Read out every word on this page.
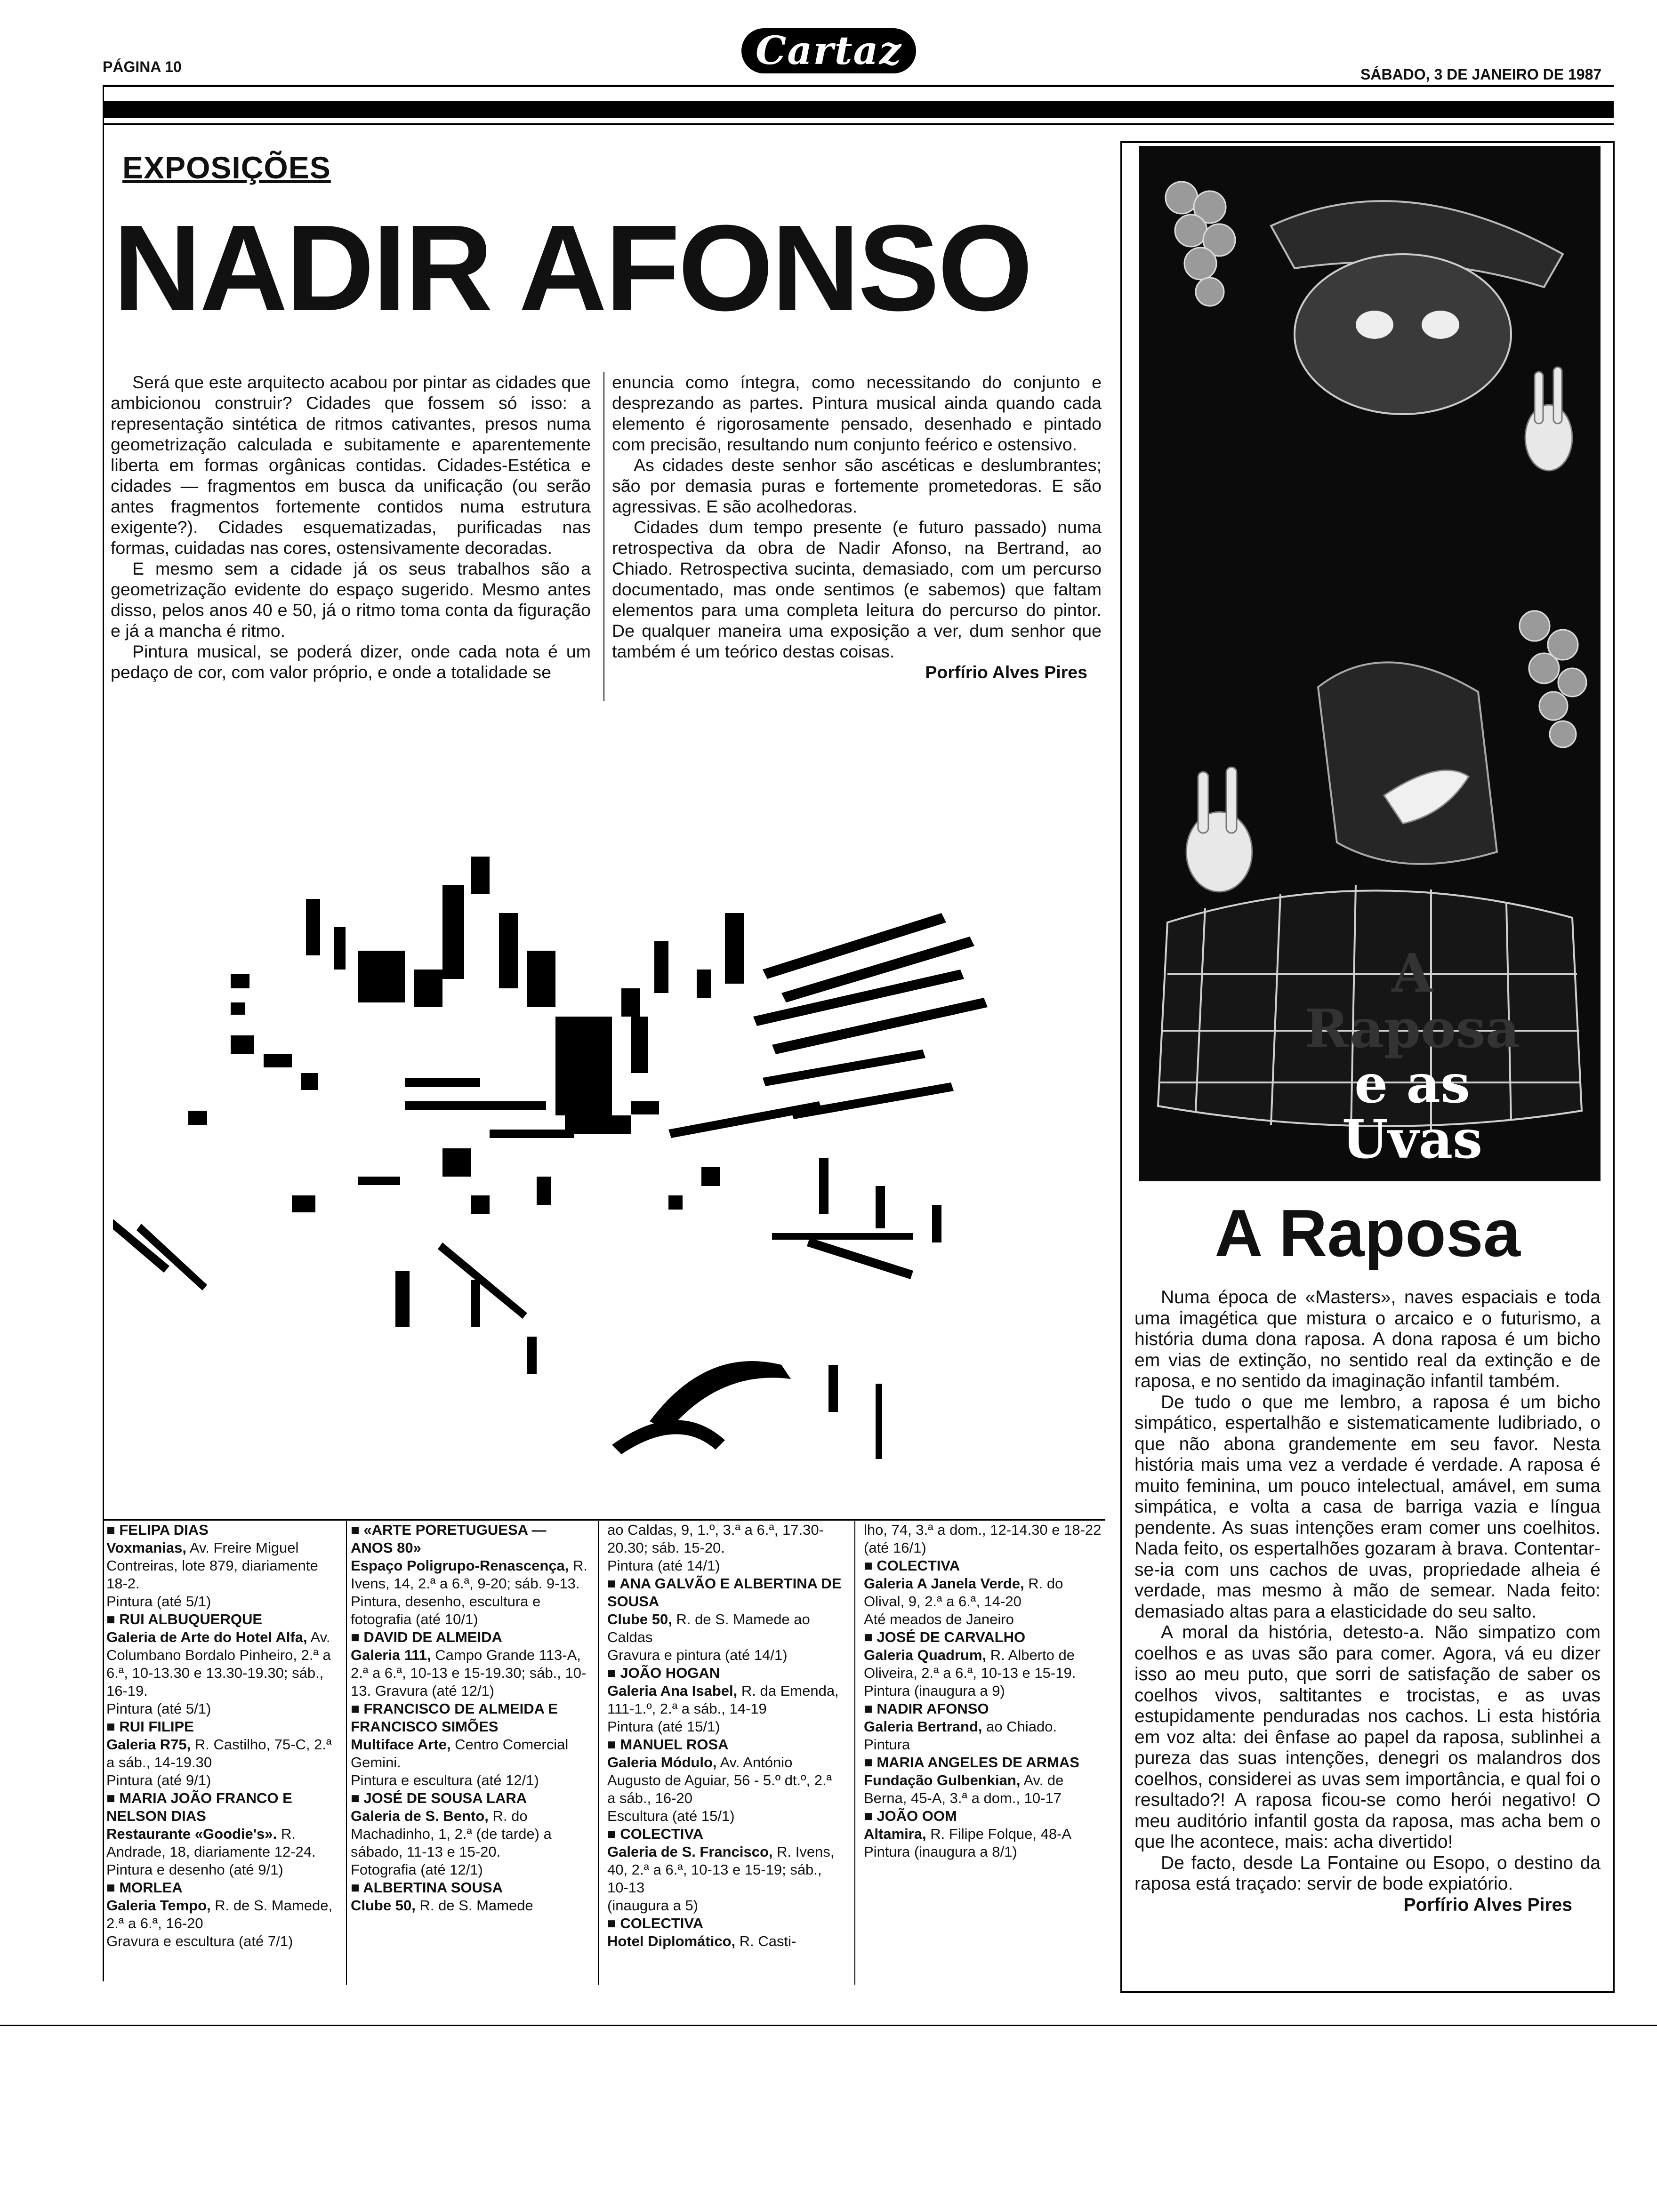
PÁGINA 10	Cartaz
SÁBADO, 3 DE JANEIRO DE 1987
EXPOSIÇÕES
NADIR AFONSO

Será que este arquitecto acabou por pintar as cidades que ambicionou construir? Cidades que fossem só isso: a representação sintética de ritmos cativantes, presos numa geometrização calculada e subitamente e aparentemente liberta em formas orgânicas contidas. Cidades-Estética e cidades — fragmentos em busca da unificação (ou serão antes fragmentos fortemente contidos numa estrutura exigente?). Cidades esquematizadas, purificadas nas formas, cuidadas nas cores, ostensivamente decoradas.

E mesmo sem a cidade já os seus trabalhos são a geometrização evidente do espaço sugerido. Mesmo antes disso, pelos anos 40 e 50, já o ritmo toma conta da figuração e já a mancha é ritmo.

Pintura musical, se poderá dizer, onde cada nota é um pedaço de cor, com valor próprio, e onde a totalidade se

enuncia como íntegra, como necessitando do conjunto e desprezando as partes. Pintura musical ainda quando cada elemento é rigorosamente pensado, desenhado e pintado com precisão, resultando num conjunto feérico e ostensivo.

As cidades deste senhor são ascéticas e deslumbrantes; são por demasia puras e fortemente prometedoras. E são agressivas. E são acolhedoras.

Cidades dum tempo presente (e futuro passado) numa retrospectiva da obra de Nadir Afonso, na Bertrand, ao Chiado. Retrospectiva sucinta, demasiado, com um percurso documentado, mas onde sentimos (e sabemos) que faltam elementos para uma completa leitura do percurso do pintor. De qualquer maneira uma exposição a ver, dum senhor que também é um teórico destas coisas.

Porfírio Alves Pires
■ FELIPA DIAS
Voxmanias, Av. Freire Miguel Contreiras, lote 879, diariamente 18-2.
Pintura (até 5/1)
■ RUI ALBUQUERQUE
Galeria de Arte do Hotel Alfa, Av. Columbano Bordalo Pinheiro, 2.ª a 6.ª, 10-13.30 e 13.30-19.30; sáb., 16-19.
Pintura (até 5/1)
■ RUI FILIPE
Galeria R75, R. Castilho, 75-C, 2.ª a sáb., 14-19.30
Pintura (até 9/1)
■ MARIA JOÃO FRANCO E NELSON DIAS
Restaurante «Goodie's». R. Andrade, 18, diariamente 12-24.
Pintura e desenho (até 9/1)
■ MORLEA
Galeria Tempo, R. de S. Mamede, 2.ª a 6.ª, 16-20
Gravura e escultura (até 7/1)
■ «ARTE PORETUGUESA — ANOS 80»
Espaço Poligrupo-Renascença, R. Ivens, 14, 2.ª a 6.ª, 9-20; sáb. 9-13.
Pintura, desenho, escultura e fotografia (até 10/1)
■ DAVID DE ALMEIDA
Galeria 111, Campo Grande 113-A, 2.ª a 6.ª, 10-13 e 15-19.30; sáb., 10-13. Gravura (até 12/1)
■ FRANCISCO DE ALMEIDA E FRANCISCO SIMÕES
Multiface Arte, Centro Comercial Gemini.
Pintura e escultura (até 12/1)
■ JOSÉ DE SOUSA LARA
Galeria de S. Bento, R. do Machadinho, 1, 2.ª (de tarde) a sábado, 11-13 e 15-20.
Fotografia (até 12/1)
■ ALBERTINA SOUSA
Clube 50, R. de S. Mamede
ao Caldas, 9, 1.º, 3.ª a 6.ª, 17.30-20.30; sáb. 15-20.
Pintura (até 14/1)
■ ANA GALVÃO E ALBERTINA DE SOUSA
Clube 50, R. de S. Mamede ao Caldas
Gravura e pintura (até 14/1)
■ JOÃO HOGAN
Galeria Ana Isabel, R. da Emenda, 111-1.º, 2.ª a sáb., 14-19
Pintura (até 15/1)
■ MANUEL ROSA
Galeria Módulo, Av. António Augusto de Aguiar, 56 - 5.º dt.º, 2.ª a sáb., 16-20
Escultura (até 15/1)
■ COLECTIVA
Galeria de S. Francisco, R. Ivens, 40, 2.ª a 6.ª, 10-13 e 15-19; sáb., 10-13
(inaugura a 5)
■ COLECTIVA
Hotel Diplomático, R. Casti-
lho, 74, 3.ª a dom., 12-14.30 e 18-22 (até 16/1)
■ COLECTIVA
Galeria A Janela Verde, R. do Olival, 9, 2.ª a 6.ª, 14-20
Até meados de Janeiro
■ JOSÉ DE CARVALHO
Galeria Quadrum, R. Alberto de Oliveira, 2.ª a 6.ª, 10-13 e 15-19.
Pintura (inaugura a 9)
■ NADIR AFONSO
Galeria Bertrand, ao Chiado.
Pintura
■ MARIA ANGELES DE ARMAS
Fundação Gulbenkian, Av. de Berna, 45-A, 3.ª a dom., 10-17
■ JOÃO OOM
Altamira, R. Filipe Folque, 48-A
Pintura (inaugura a 8/1)
A
Raposa
e as
Uvas
A Raposa

Numa época de «Masters», naves espaciais e toda uma imagética que mistura o arcaico e o futurismo, a história duma dona raposa. A dona raposa é um bicho em vias de extinção, no sentido real da extinção e de raposa, e no sentido da imaginação infantil também.

De tudo o que me lembro, a raposa é um bicho simpático, espertalhão e sistematicamente ludibriado, o que não abona grandemente em seu favor. Nesta história mais uma vez a verdade é verdade. A raposa é muito feminina, um pouco intelectual, amável, em suma simpática, e volta a casa de barriga vazia e língua pendente. As suas intenções eram comer uns coelhitos. Nada feito, os espertalhões gozaram à brava. Contentar-se-ia com uns cachos de uvas, propriedade alheia é verdade, mas mesmo à mão de semear. Nada feito: demasiado altas para a elasticidade do seu salto.

A moral da história, detesto-a. Não simpatizo com coelhos e as uvas são para comer. Agora, vá eu dizer isso ao meu puto, que sorri de satisfação de saber os coelhos vivos, saltitantes e trocistas, e as uvas estupidamente penduradas nos cachos. Li esta história em voz alta: dei ênfase ao papel da raposa, sublinhei a pureza das suas intenções, denegri os malandros dos coelhos, considerei as uvas sem importância, e qual foi o resultado?! A raposa ficou-se como herói negativo! O meu auditório infantil gosta da raposa, mas acha bem o que lhe acontece, mais: acha divertido!

De facto, desde La Fontaine ou Esopo, o destino da raposa está traçado: servir de bode expiatório.

Porfírio Alves Pires
